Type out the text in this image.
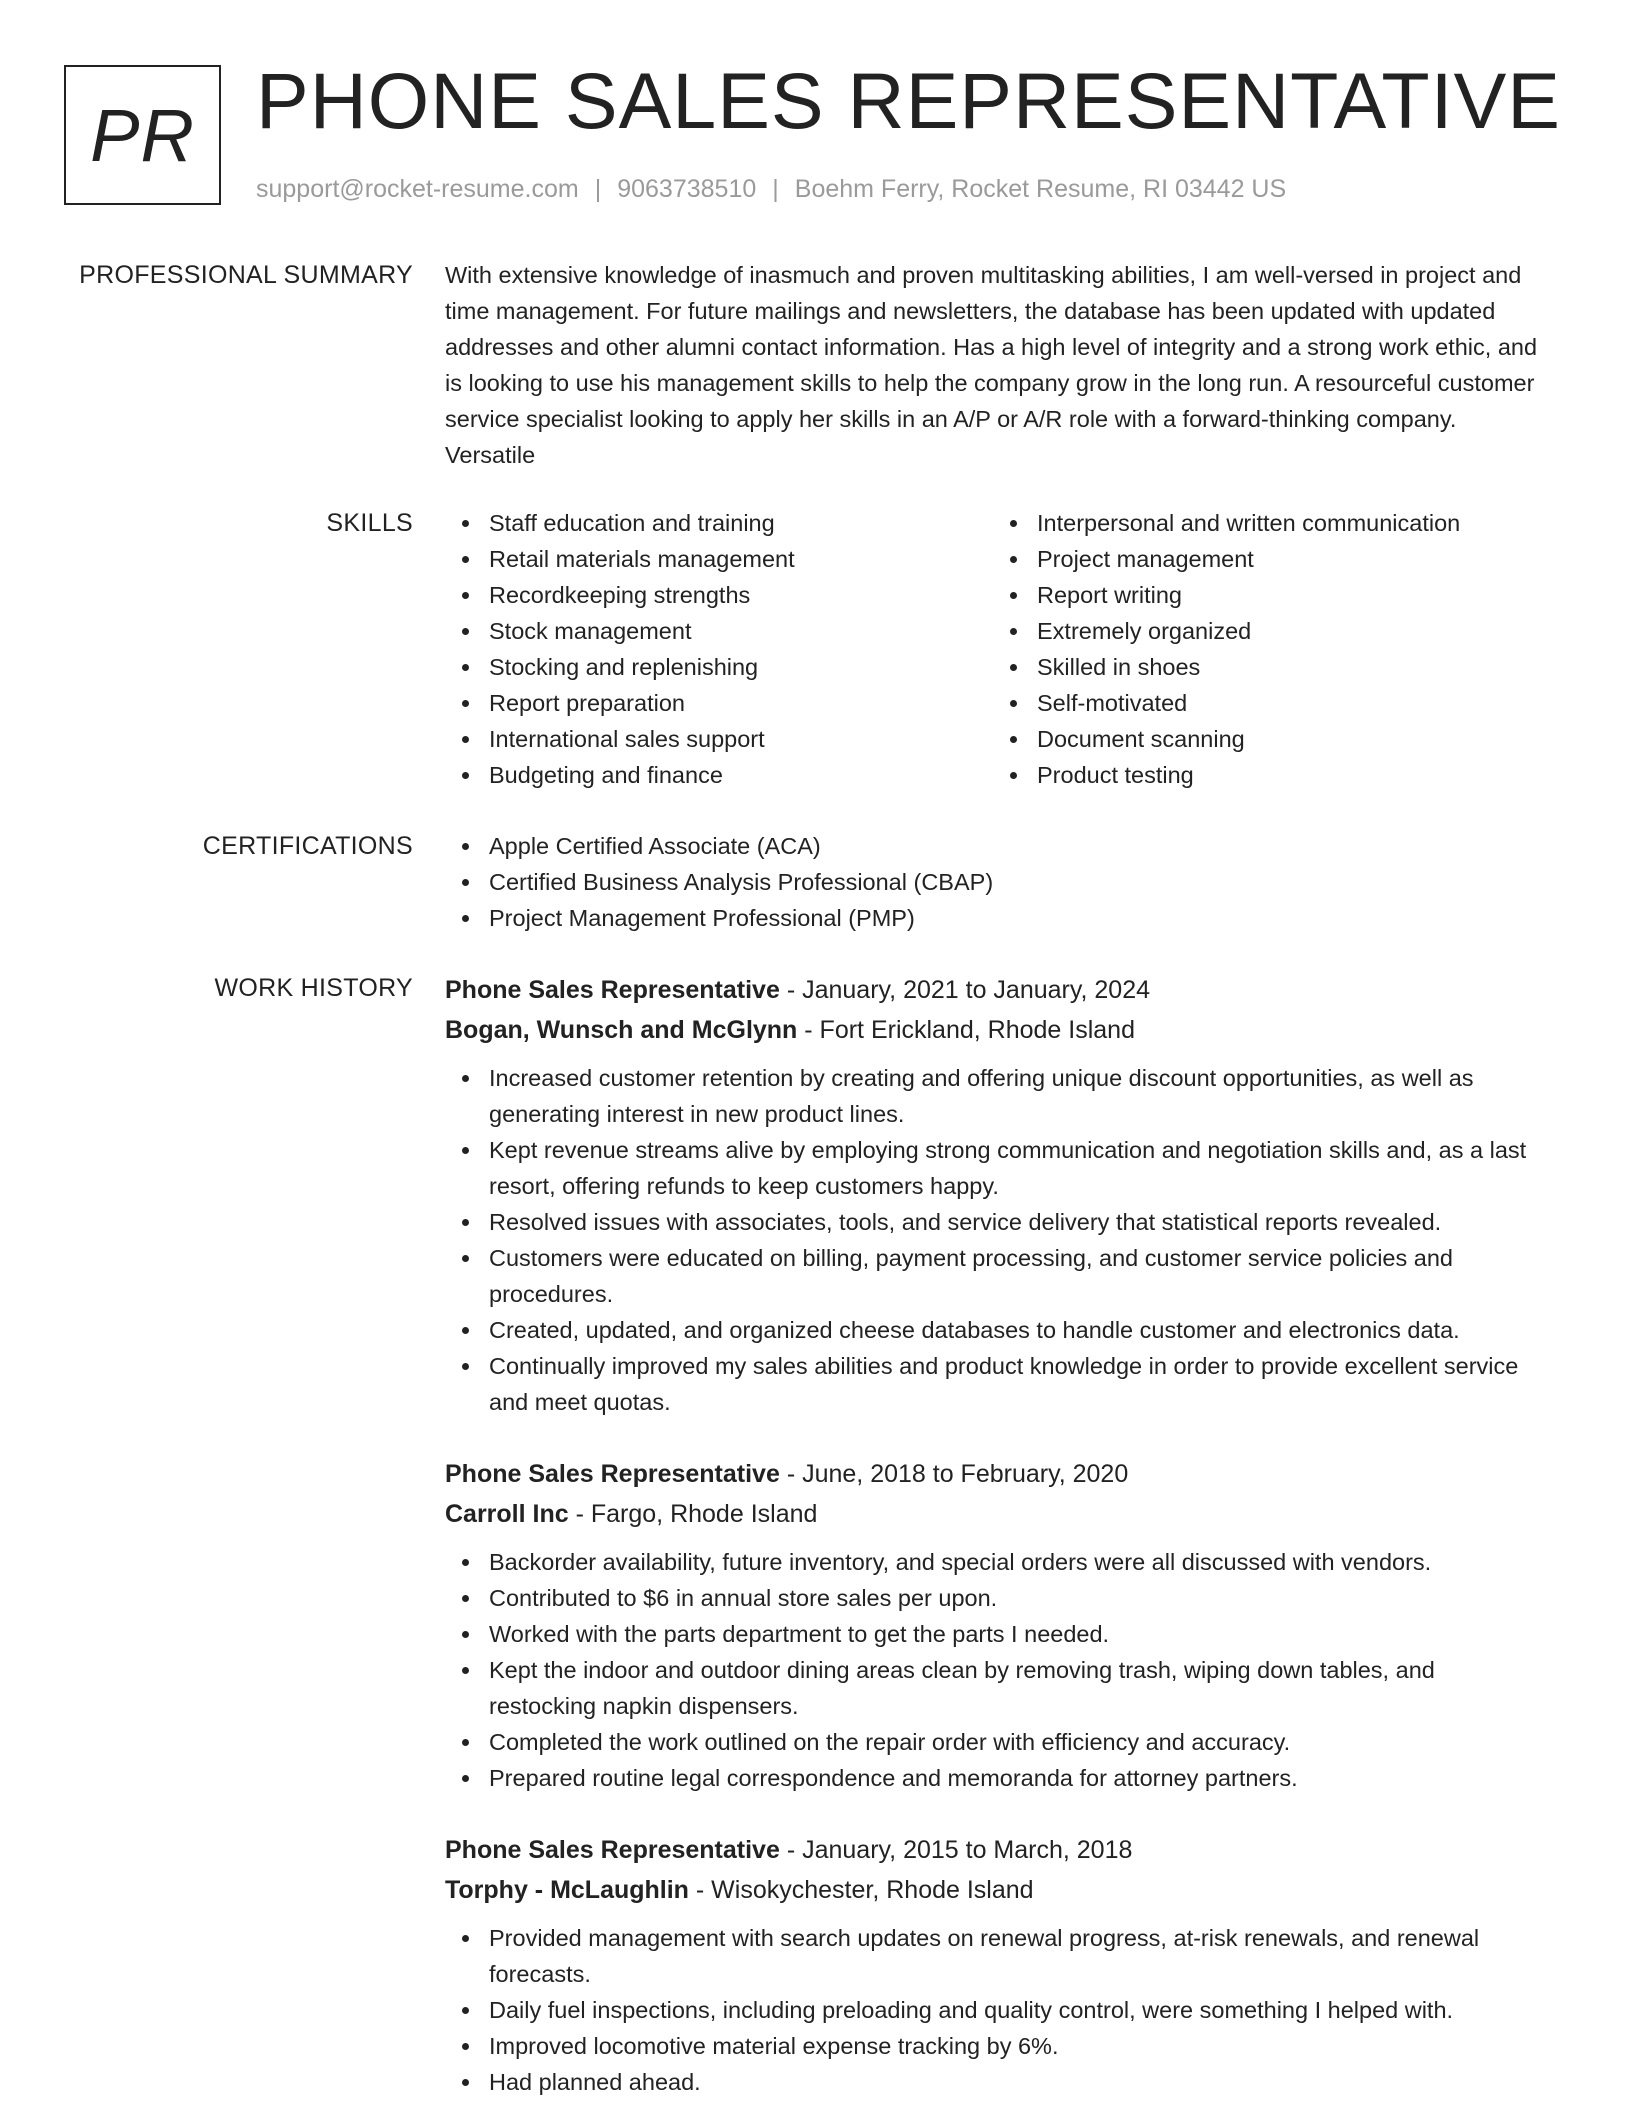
PR PHONE SALES REPRESENTATIVE
support@rocket-resume.com | 9063738510 | Boehm Ferry, Rocket Resume, RI 03442 US
PROFESSIONAL SUMMARY With extensive knowledge of inasmuch and proven multitasking abilities, I am well-versed in project and time management. For future mailings and newsletters, the database has been updated with updated addresses and other alumni contact information. Has a high level of integrity and a strong work ethic, and is looking to use his management skills to help the company grow in the long run. A resourceful customer service specialist looking to apply her skills in an A/P or A/R role with a forward-thinking company. Versatile
SKILLS	Staff education and training
Retail materials management
Recordkeeping strengths
Stock management
Stocking and replenishing
Report preparation
International sales support
Budgeting and finance
Interpersonal and written communication
Project management
Report writing
Extremely organized
Skilled in shoes
Self-motivated
Document scanning
Product testing
CERTIFICATIONS	Apple Certified Associate (ACA)
Certified Business Analysis Professional (CBAP)
Project Management Professional (PMP)
WORK HISTORY Phone Sales Representative - January, 2021 to January, 2024
Bogan, Wunsch and McGlynn - Fort Erickland, Rhode Island
Increased customer retention by creating and offering unique discount opportunities, as well as generating interest in new product lines.
Kept revenue streams alive by employing strong communication and negotiation skills and, as a last resort, offering refunds to keep customers happy.
Resolved issues with associates, tools, and service delivery that statistical reports revealed.
Customers were educated on billing, payment processing, and customer service policies and procedures.
Created, updated, and organized cheese databases to handle customer and electronics data.
Continually improved my sales abilities and product knowledge in order to provide excellent service and meet quotas.
Phone Sales Representative - June, 2018 to February, 2020
Carroll Inc - Fargo, Rhode Island
Backorder availability, future inventory, and special orders were all discussed with vendors.
Contributed to $6 in annual store sales per upon.
Worked with the parts department to get the parts I needed.
Kept the indoor and outdoor dining areas clean by removing trash, wiping down tables, and restocking napkin dispensers.
Completed the work outlined on the repair order with efficiency and accuracy.
Prepared routine legal correspondence and memoranda for attorney partners.
Phone Sales Representative - January, 2015 to March, 2018
Torphy - McLaughlin - Wisokychester, Rhode Island
Provided management with search updates on renewal progress, at-risk renewals, and renewal forecasts.
Daily fuel inspections, including preloading and quality control, were something I helped with.
Improved locomotive material expense tracking by 6%.
Had planned ahead.
